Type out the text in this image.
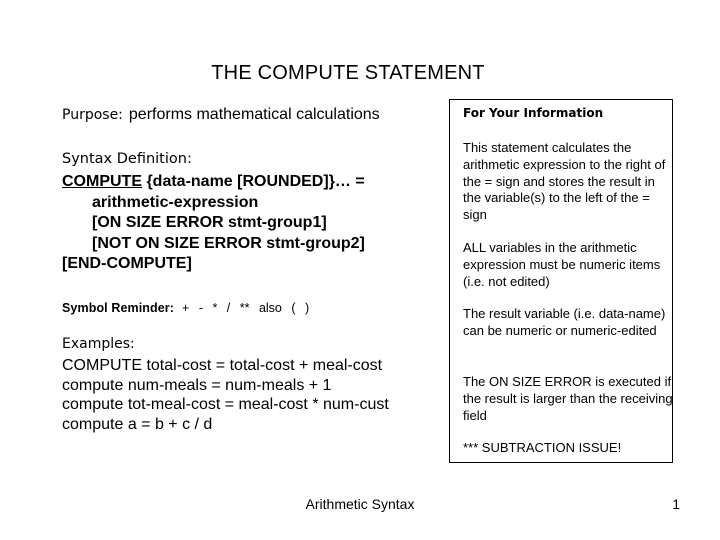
THE COMPUTE STATEMENT
Purpose: performs mathematical calculations
Syntax Definition:
COMPUTE {data-name [ROUNDED]}… =
arithmetic-expression
[ON SIZE ERROR stmt-group1]
[NOT ON SIZE ERROR stmt-group2]
[END-COMPUTE]
Symbol Reminder: + - * / ** also ( )
Examples:
COMPUTE total-cost = total-cost + meal-cost
compute num-meals = num-meals + 1
compute tot-meal-cost = meal-cost * num-cust
compute a = b + c / d
For Your Information
This statement calculates the arithmetic expression to the right of the = sign and stores the result in the variable(s) to the left of the = sign
ALL variables in the arithmetic expression must be numeric items (i.e. not edited)
The result variable (i.e. data-name) can be numeric or numeric-edited
The ON SIZE ERROR is executed if the result is larger than the receiving field
*** SUBTRACTION ISSUE!
Arithmetic Syntax	1
